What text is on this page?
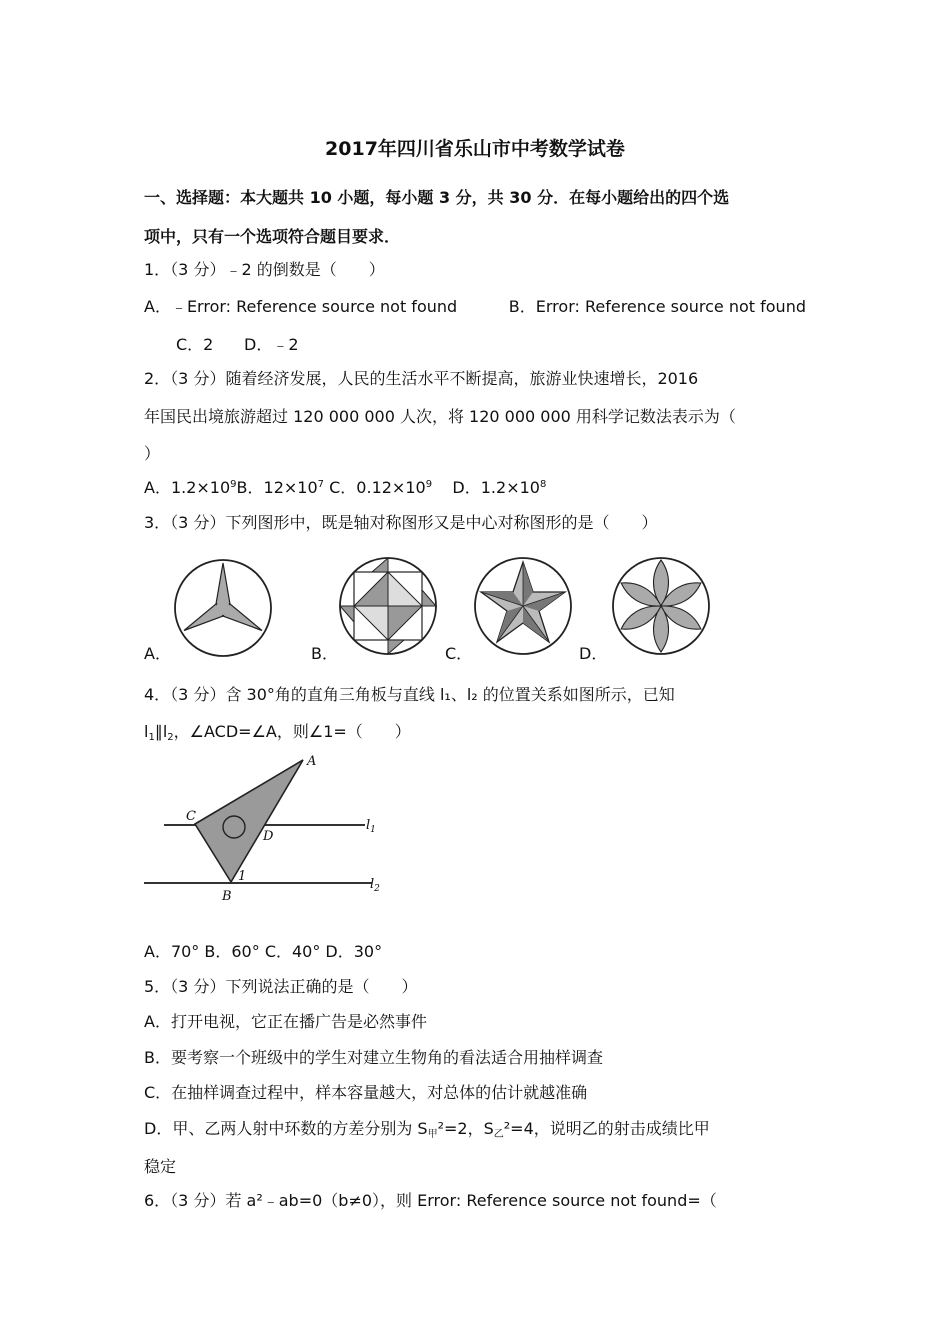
2017年四川省乐山市中考数学试卷
一、选择题：本大题共 10 小题，每小题 3 分，共 30 分．在每小题给出的四个选
项中，只有一个选项符合题目要求．
1．（3 分）﹣2 的倒数是（　　）
A．﹣Error: Reference source not found	B．Error: Reference source not found
C．2 D．﹣2
2．（3 分）随着经济发展，人民的生活水平不断提高，旅游业快速增长，2016
年国民出境旅游超过 120 000 000 人次，将 120 000 000 用科学记数法表示为（
）
A．$1.2\times 10^9B$．$12\times 10^7$ C．$0.12\times 10^9$ D．$1.2\times 10^8$
3．（3 分）下列图形中，既是轴对称图形又是中心对称图形的是（　　）
A．	B．	C．	D．
4．（3 分）含 30°角的直角三角板与直线 l₁、l₂ 的位置关系如图所示，已知
$l_1\parallel l_2$，∠ACD=∠A，则∠1=（　　）
A
C
D
B
1
$l_1$
$l_2$
A．70° B．60° C．40° D．30°
5．（3 分）下列说法正确的是（　　）
A．打开电视，它正在播广告是必然事件
B．要考察一个班级中的学生对建立生物角的看法适合用抽样调查
C．在抽样调查过程中，样本容量越大，对总体的估计就越准确
D．甲、乙两人射中环数的方差分别为 $S_甲^2=2$，$S_乙^2=4$，说明乙的射击成绩比甲
稳定
6．（3 分）若 a²﹣ab=0（b≠0），则 Error: Reference source not found=（
